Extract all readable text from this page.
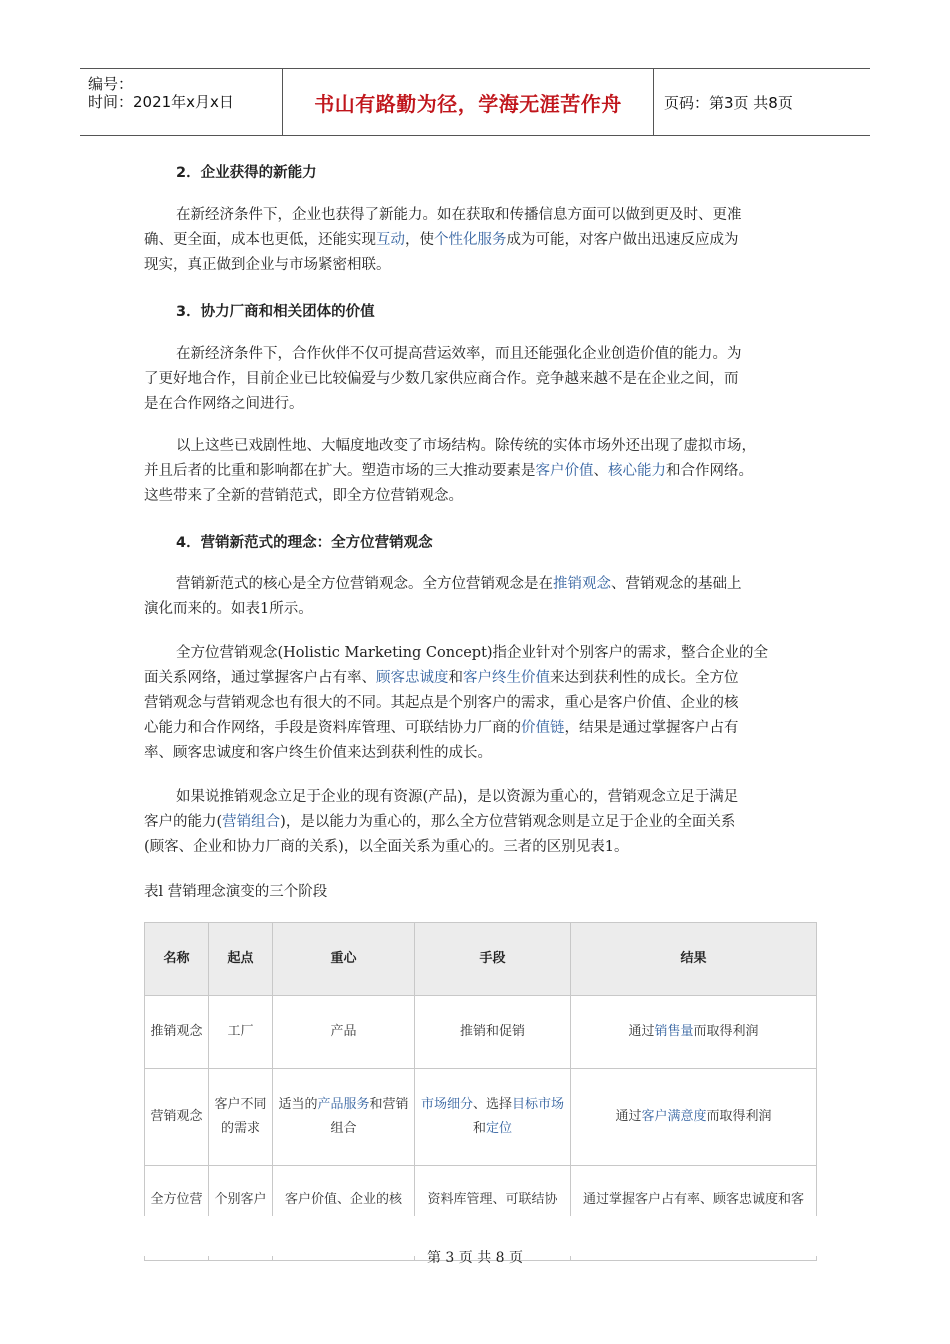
编号：
时间：2021年x月x日	书山有路勤为径，学海无涯苦作舟	页码：第3页 共8页
2．企业获得的新能力
在新经济条件下，企业也获得了新能力。如在获取和传播信息方面可以做到更及时、更准
确、更全面，成本也更低，还能实现互动，使个性化服务成为可能，对客户做出迅速反应成为
现实，真正做到企业与市场紧密相联。
3．协力厂商和相关团体的价值
在新经济条件下，合作伙伴不仅可提高营运效率，而且还能强化企业创造价值的能力。为
了更好地合作，目前企业已比较偏爱与少数几家供应商合作。竞争越来越不是在企业之间，而
是在合作网络之间进行。
以上这些已戏剧性地、大幅度地改变了市场结构。除传统的实体市场外还出现了虚拟市场，
并且后者的比重和影响都在扩大。塑造市场的三大推动要素是客户价值、核心能力和合作网络。
这些带来了全新的营销范式，即全方位营销观念。
4．营销新范式的理念：全方位营销观念
营销新范式的核心是全方位营销观念。全方位营销观念是在推销观念、营销观念的基础上
演化而来的。如表1所示。
全方位营销观念(Holistic Marketing Concept)指企业针对个别客户的需求，整合企业的全
面关系网络，通过掌握客户占有率、顾客忠诚度和客户终生价值来达到获利性的成长。全方位
营销观念与营销观念也有很大的不同。其起点是个别客户的需求，重心是客户价值、企业的核
心能力和合作网络，手段是资料库管理、可联结协力厂商的价值链，结果是通过掌握客户占有
率、顾客忠诚度和客户终生价值来达到获利性的成长。
如果说推销观念立足于企业的现有资源(产品)，是以资源为重心的，营销观念立足于满足
客户的能力(营销组合)，是以能力为重心的，那么全方位营销观念则是立足于企业的全面关系
(顾客、企业和协力厂商的关系)，以全面关系为重心的。三者的区别见表1。
表l 营销理念演变的三个阶段
名称	起点	重心	手段	结果
推销观念	工厂	产品	推销和促销	通过销售量而取得利润
营销观念	客户不同的需求	适当的产品服务和营销组合	市场细分、选择目标市场和定位	通过客户满意度而取得利润
全方位营	个别客户	客户价值、企业的核	资料库管理、可联结协	通过掌握客户占有率、顾客忠诚度和客
第 3 页 共 8 页
